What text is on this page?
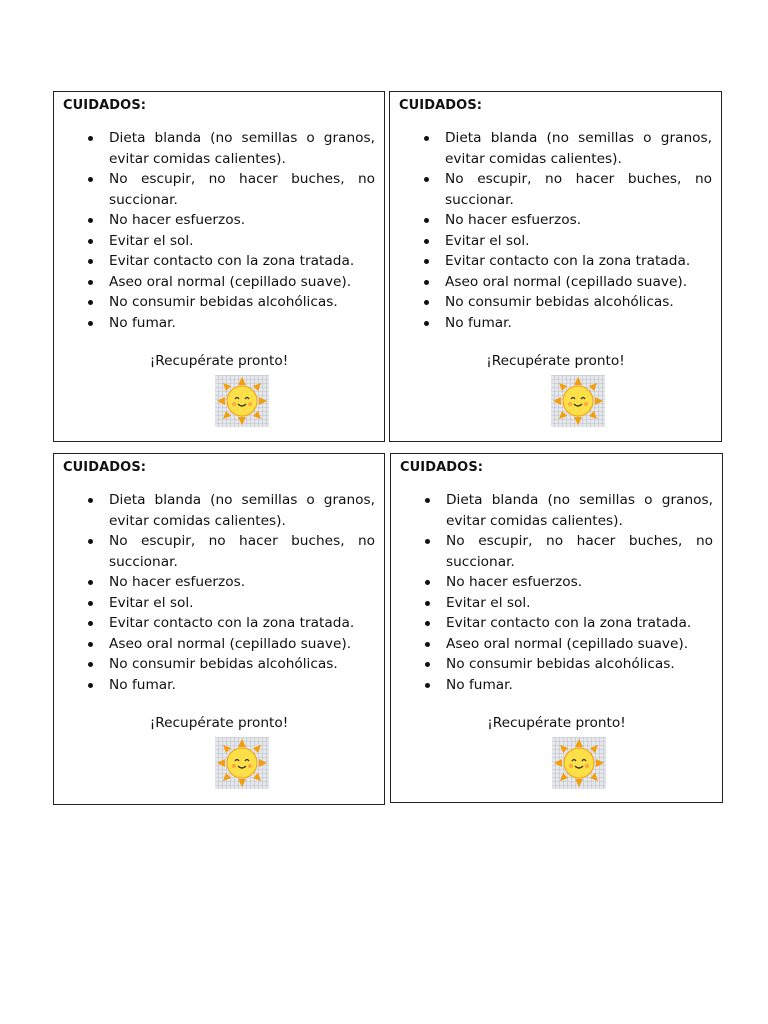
CUIDADOS:
Dieta blanda (no semillas o granos, evitar comidas calientes).
No escupir, no hacer buches, no succionar.
No hacer esfuerzos.
Evitar el sol.
Evitar contacto con la zona tratada.
Aseo oral normal (cepillado suave).
No consumir bebidas alcohólicas.
No fumar.
¡Recupérate pronto!
CUIDADOS:
Dieta blanda (no semillas o granos, evitar comidas calientes).
No escupir, no hacer buches, no succionar.
No hacer esfuerzos.
Evitar el sol.
Evitar contacto con la zona tratada.
Aseo oral normal (cepillado suave).
No consumir bebidas alcohólicas.
No fumar.
¡Recupérate pronto!
CUIDADOS:
Dieta blanda (no semillas o granos, evitar comidas calientes).
No escupir, no hacer buches, no succionar.
No hacer esfuerzos.
Evitar el sol.
Evitar contacto con la zona tratada.
Aseo oral normal (cepillado suave).
No consumir bebidas alcohólicas.
No fumar.
¡Recupérate pronto!
CUIDADOS:
Dieta blanda (no semillas o granos, evitar comidas calientes).
No escupir, no hacer buches, no succionar.
No hacer esfuerzos.
Evitar el sol.
Evitar contacto con la zona tratada.
Aseo oral normal (cepillado suave).
No consumir bebidas alcohólicas.
No fumar.
¡Recupérate pronto!
